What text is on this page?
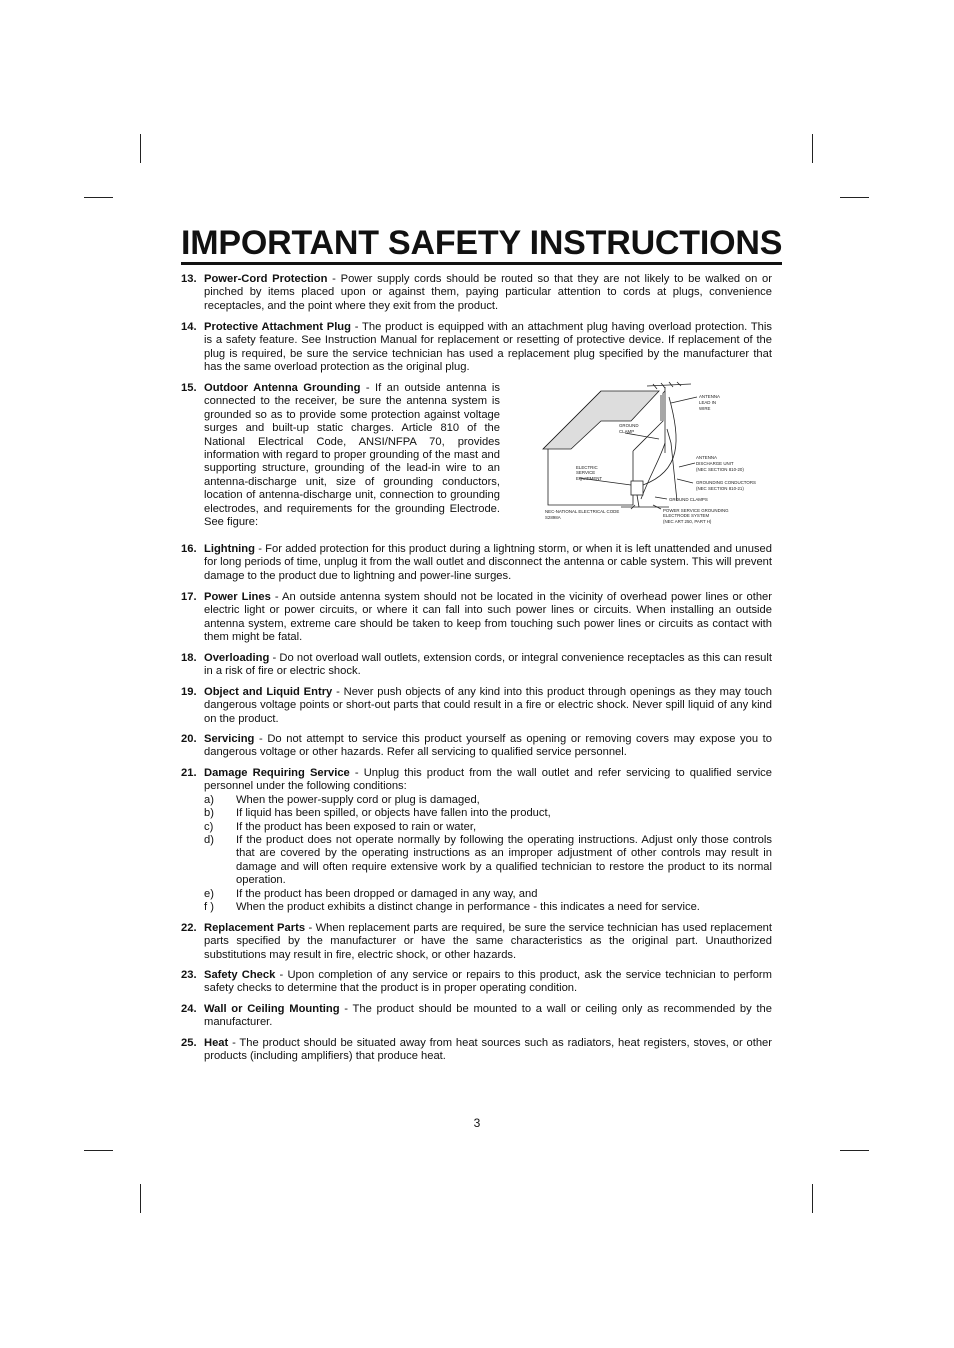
IMPORTANT SAFETY INSTRUCTIONS
13. Power-Cord Protection - Power supply cords should be routed so that they are not likely to be walked on or pinched by items placed upon or against them, paying particular attention to cords at plugs, convenience receptacles, and the point where they exit from the product.
14. Protective Attachment Plug - The product is equipped with an attachment plug having overload protection. This is a safety feature. See Instruction Manual for replacement or resetting of protective device. If replacement of the plug is required, be sure the service technician has used a replacement plug specified by the manufacturer that has the same overload protection as the original plug.
15. Outdoor Antenna Grounding - If an outside antenna is connected to the receiver, be sure the antenna system is grounded so as to provide some protection against voltage surges and built-up static charges. Article 810 of the National Electrical Code, ANSI/NFPA 70, provides information with regard to proper grounding of the mast and supporting structure, grounding of the lead-in wire to an antenna-discharge unit, size of grounding conductors, location of antenna-discharge unit, connection to grounding electrodes, and requirements for the grounding Electrode. See figure:
ANTENNA LEAD IN WIRE
GROUND CLAMP
ANTENNA DISCHARGE UNIT (NEC SECTION 810-20)
ELECTRIC SERVICE EQUIPMENT
GROUNDING CONDUCTORS (NEC SECTION 810-21)
GROUND CLAMPS
NEC-NATIONAL ELECTRICAL CODE S2898A
POWER SERVICE GROUNDING ELECTRODE SYSTEM (NEC ART 250, PART H)
16. Lightning - For added protection for this product during a lightning storm, or when it is left unattended and unused for long periods of time, unplug it from the wall outlet and disconnect the antenna or cable system. This will prevent damage to the product due to lightning and power-line surges.
17. Power Lines - An outside antenna system should not be located in the vicinity of overhead power lines or other electric light or power circuits, or where it can fall into such power lines or circuits. When installing an outside antenna system, extreme care should be taken to keep from touching such power lines or circuits as contact with them might be fatal.
18. Overloading - Do not overload wall outlets, extension cords, or integral convenience receptacles as this can result in a risk of fire or electric shock.
19. Object and Liquid Entry - Never push objects of any kind into this product through openings as they may touch dangerous voltage points or short-out parts that could result in a fire or electric shock. Never spill liquid of any kind on the product.
20. Servicing - Do not attempt to service this product yourself as opening or removing covers may expose you to dangerous voltage or other hazards. Refer all servicing to qualified service personnel.
21. Damage Requiring Service - Unplug this product from the wall outlet and refer servicing to qualified service personnel under the following conditions:
a)	When the power-supply cord or plug is damaged,
b)	If liquid has been spilled, or objects have fallen into the product,
c)	If the product has been exposed to rain or water,
d)	If the product does not operate normally by following the operating instructions. Adjust only those controls that are covered by the operating instructions as an improper adjustment of other controls may result in damage and will often require extensive work by a qualified technician to restore the product to its normal operation.
e)	If the product has been dropped or damaged in any way, and
f )	When the product exhibits a distinct change in performance - this indicates a need for service.
22. Replacement Parts - When replacement parts are required, be sure the service technician has used replacement parts specified by the manufacturer or have the same characteristics as the original part. Unauthorized substitutions may result in fire, electric shock, or other hazards.
23. Safety Check - Upon completion of any service or repairs to this product, ask the service technician to perform safety checks to determine that the product is in proper operating condition.
24. Wall or Ceiling Mounting - The product should be mounted to a wall or ceiling only as recommended by the manufacturer.
25. Heat - The product should be situated away from heat sources such as radiators, heat registers, stoves, or other products (including amplifiers) that produce heat.
3
